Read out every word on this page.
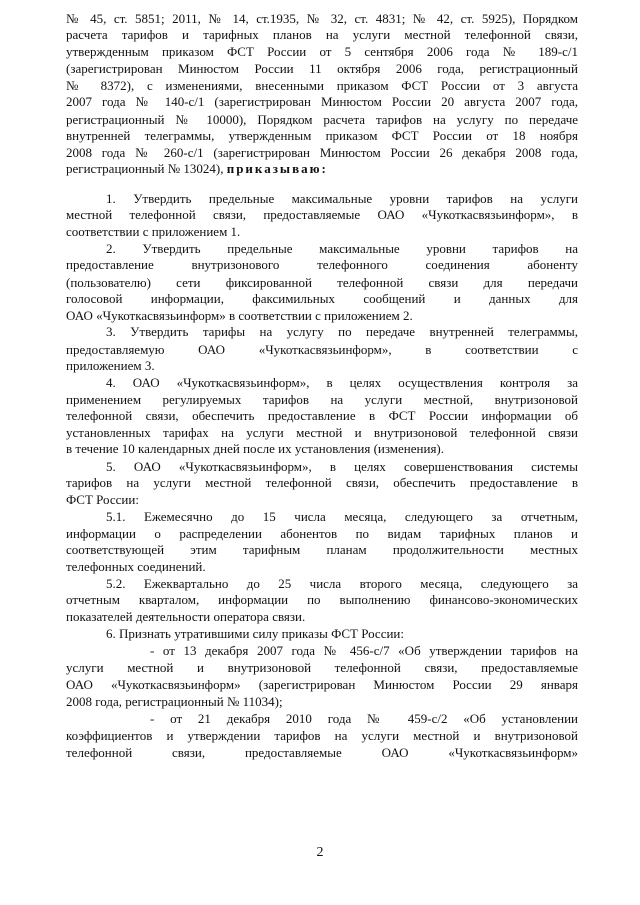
№ 45, ст. 5851; 2011, № 14, ст.1935, № 32, ст. 4831; № 42, ст. 5925), Порядком
расчета тарифов и тарифных планов на услуги местной телефонной связи,
утвержденным приказом ФСТ России от 5 сентября 2006 года № 189-с/1
(зарегистрирован Минюстом России 11 октября 2006 года, регистрационный
№ 8372), с изменениями, внесенными приказом ФСТ России от 3 августа
2007 года № 140-с/1 (зарегистрирован Минюстом России 20 августа 2007 года,
регистрационный № 10000), Порядком расчета тарифов на услугу по передаче
внутренней телеграммы, утвержденным приказом ФСТ России от 18 ноября
2008 года № 260-с/1 (зарегистрирован Минюстом России 26 декабря 2008 года,
регистрационный № 13024), приказываю:
1. Утвердить предельные максимальные уровни тарифов на услуги
местной телефонной связи, предоставляемые ОАО «Чукоткасвязьинформ», в
соответствии с приложением 1.
2. Утвердить предельные максимальные уровни тарифов на
предоставление внутризонового телефонного соединения абоненту
(пользователю) сети фиксированной телефонной связи для передачи
голосовой информации, факсимильных сообщений и данных для
ОАО «Чукоткасвязьинформ» в соответствии с приложением 2.
3. Утвердить тарифы на услугу по передаче внутренней телеграммы,
предоставляемую ОАО «Чукоткасвязьинформ», в соответствии с
приложением 3.
4. ОАО «Чукоткасвязьинформ», в целях осуществления контроля за
применением регулируемых тарифов на услуги местной, внутризоновой
телефонной связи, обеспечить предоставление в ФСТ России информации об
установленных тарифах на услуги местной и внутризоновой телефонной связи
в течение 10 календарных дней после их установления (изменения).
5. ОАО «Чукоткасвязьинформ», в целях совершенствования системы
тарифов на услуги местной телефонной связи, обеспечить предоставление в
ФСТ России:
5.1. Ежемесячно до 15 числа месяца, следующего за отчетным,
информации о распределении абонентов по видам тарифных планов и
соответствующей этим тарифным планам продолжительности местных
телефонных соединений.
5.2. Ежеквартально до 25 числа второго месяца, следующего за
отчетным кварталом, информации по выполнению финансово-экономических
показателей деятельности оператора связи.
6. Признать утратившими силу приказы ФСТ России:
- от 13 декабря 2007 года № 456-с/7 «Об утверждении тарифов на
услуги местной и внутризоновой телефонной связи, предоставляемые
ОАО «Чукоткасвязьинформ» (зарегистрирован Минюстом России 29 января
2008 года, регистрационный № 11034);
- от 21 декабря 2010 года № 459-с/2 «Об установлении
коэффициентов и утверждении тарифов на услуги местной и внутризоновой
телефонной связи, предоставляемые ОАО «Чукоткасвязьинформ»
2
